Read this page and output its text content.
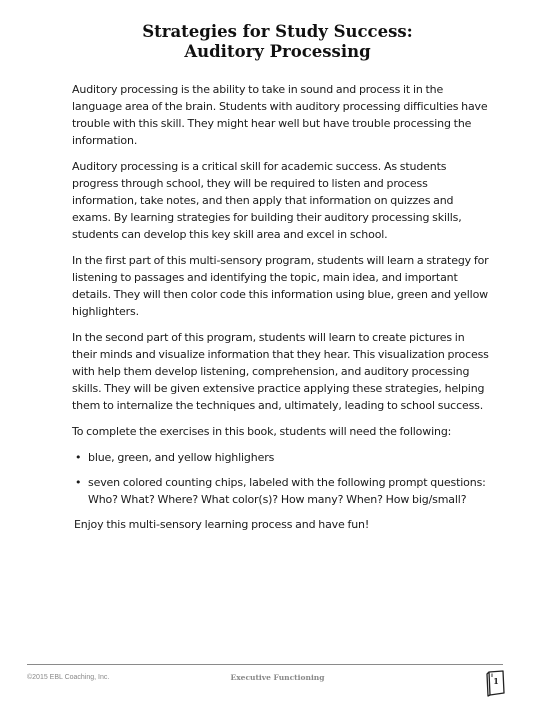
Strategies for Study Success:
Auditory Processing

Auditory processing is the ability to take in sound and process it in the language area of the brain. Students with auditory processing difficulties have trouble with this skill. They might hear well but have trouble processing the information.

Auditory processing is a critical skill for academic success. As students progress through school, they will be required to listen and process information, take notes, and then apply that information on quizzes and exams. By learning strategies for building their auditory processing skills, students can develop this key skill area and excel in school.

In the first part of this multi-sensory program, students will learn a strategy for listening to passages and identifying the topic, main idea, and important details. They will then color code this information using blue, green and yellow highlighters.

In the second part of this program, students will learn to create pictures in their minds and visualize information that they hear. This visualization process with help them develop listening, comprehension, and auditory processing skills. They will be given extensive practice applying these strategies, helping them to internalize the techniques and, ultimately, leading to school success.

To complete the exercises in this book, students will need the following:

• blue, green, and yellow highlighers
• seven colored counting chips, labeled with the following prompt questions: Who? What? Where? What color(s)? How many? When? How big/small?

Enjoy this multi-sensory learning process and have fun!

©2015 EBL Coaching, Inc.	Executive Functioning	1
